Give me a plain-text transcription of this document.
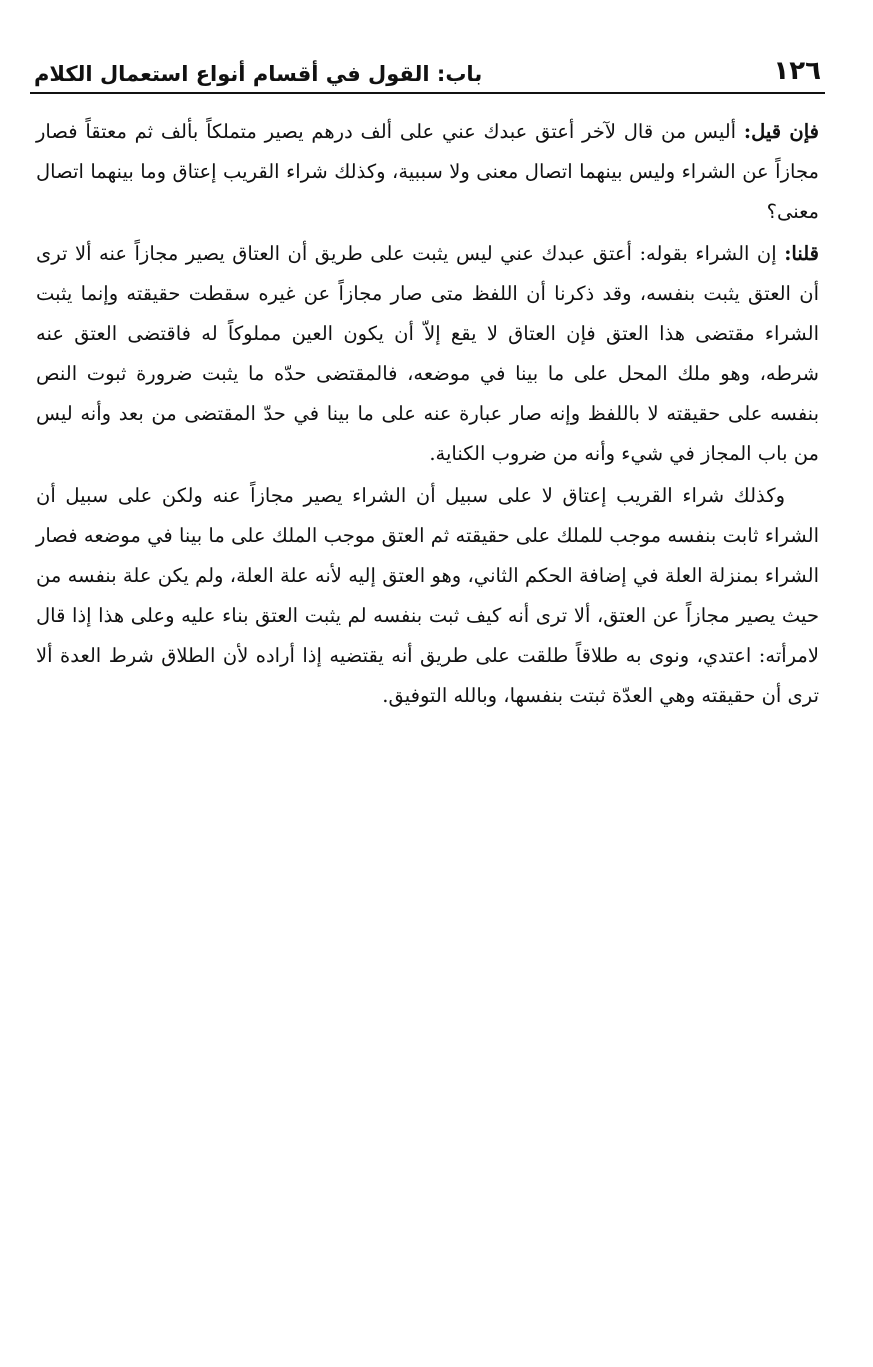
١٢٦
باب: القول في أقسام أنواع استعمال الكلام

فإن قيل: أليس من قال لآخر أعتق عبدك عني على ألف درهم يصير متملكاً بألف ثم معتقاً فصار مجازاً عن الشراء وليس بينهما اتصال معنى ولا سببية، وكذلك شراء القريب إعتاق وما بينهما اتصال معنى؟

قلنا: إن الشراء بقوله: أعتق عبدك عني ليس يثبت على طريق أن العتاق يصير مجازاً عنه ألا ترى أن العتق يثبت بنفسه، وقد ذكرنا أن اللفظ متى صار مجازاً عن غيره سقطت حقيقته وإنما يثبت الشراء مقتضى هذا العتق فإن العتاق لا يقع إلاّ أن يكون العين مملوكاً له فاقتضى العتق عنه شرطه، وهو ملك المحل على ما بينا في موضعه، فالمقتضى حدّه ما يثبت ضرورة ثبوت النص بنفسه على حقيقته لا باللفظ وإنه صار عبارة عنه على ما بينا في حدّ المقتضى من بعد وأنه ليس من باب المجاز في شيء وأنه من ضروب الكناية.

وكذلك شراء القريب إعتاق لا على سبيل أن الشراء يصير مجازاً عنه ولكن على سبيل أن الشراء ثابت بنفسه موجب للملك على حقيقته ثم العتق موجب الملك على ما بينا في موضعه فصار الشراء بمنزلة العلة في إضافة الحكم الثاني، وهو العتق إليه لأنه علة العلة، ولم يكن علة بنفسه من حيث يصير مجازاً عن العتق، ألا ترى أنه كيف ثبت بنفسه لم يثبت العتق بناء عليه وعلى هذا إذا قال لامرأته: اعتدي، ونوى به طلاقاً طلقت على طريق أنه يقتضيه إذا أراده لأن الطلاق شرط العدة ألا ترى أن حقيقته وهي العدّة ثبتت بنفسها، وبالله التوفيق.
